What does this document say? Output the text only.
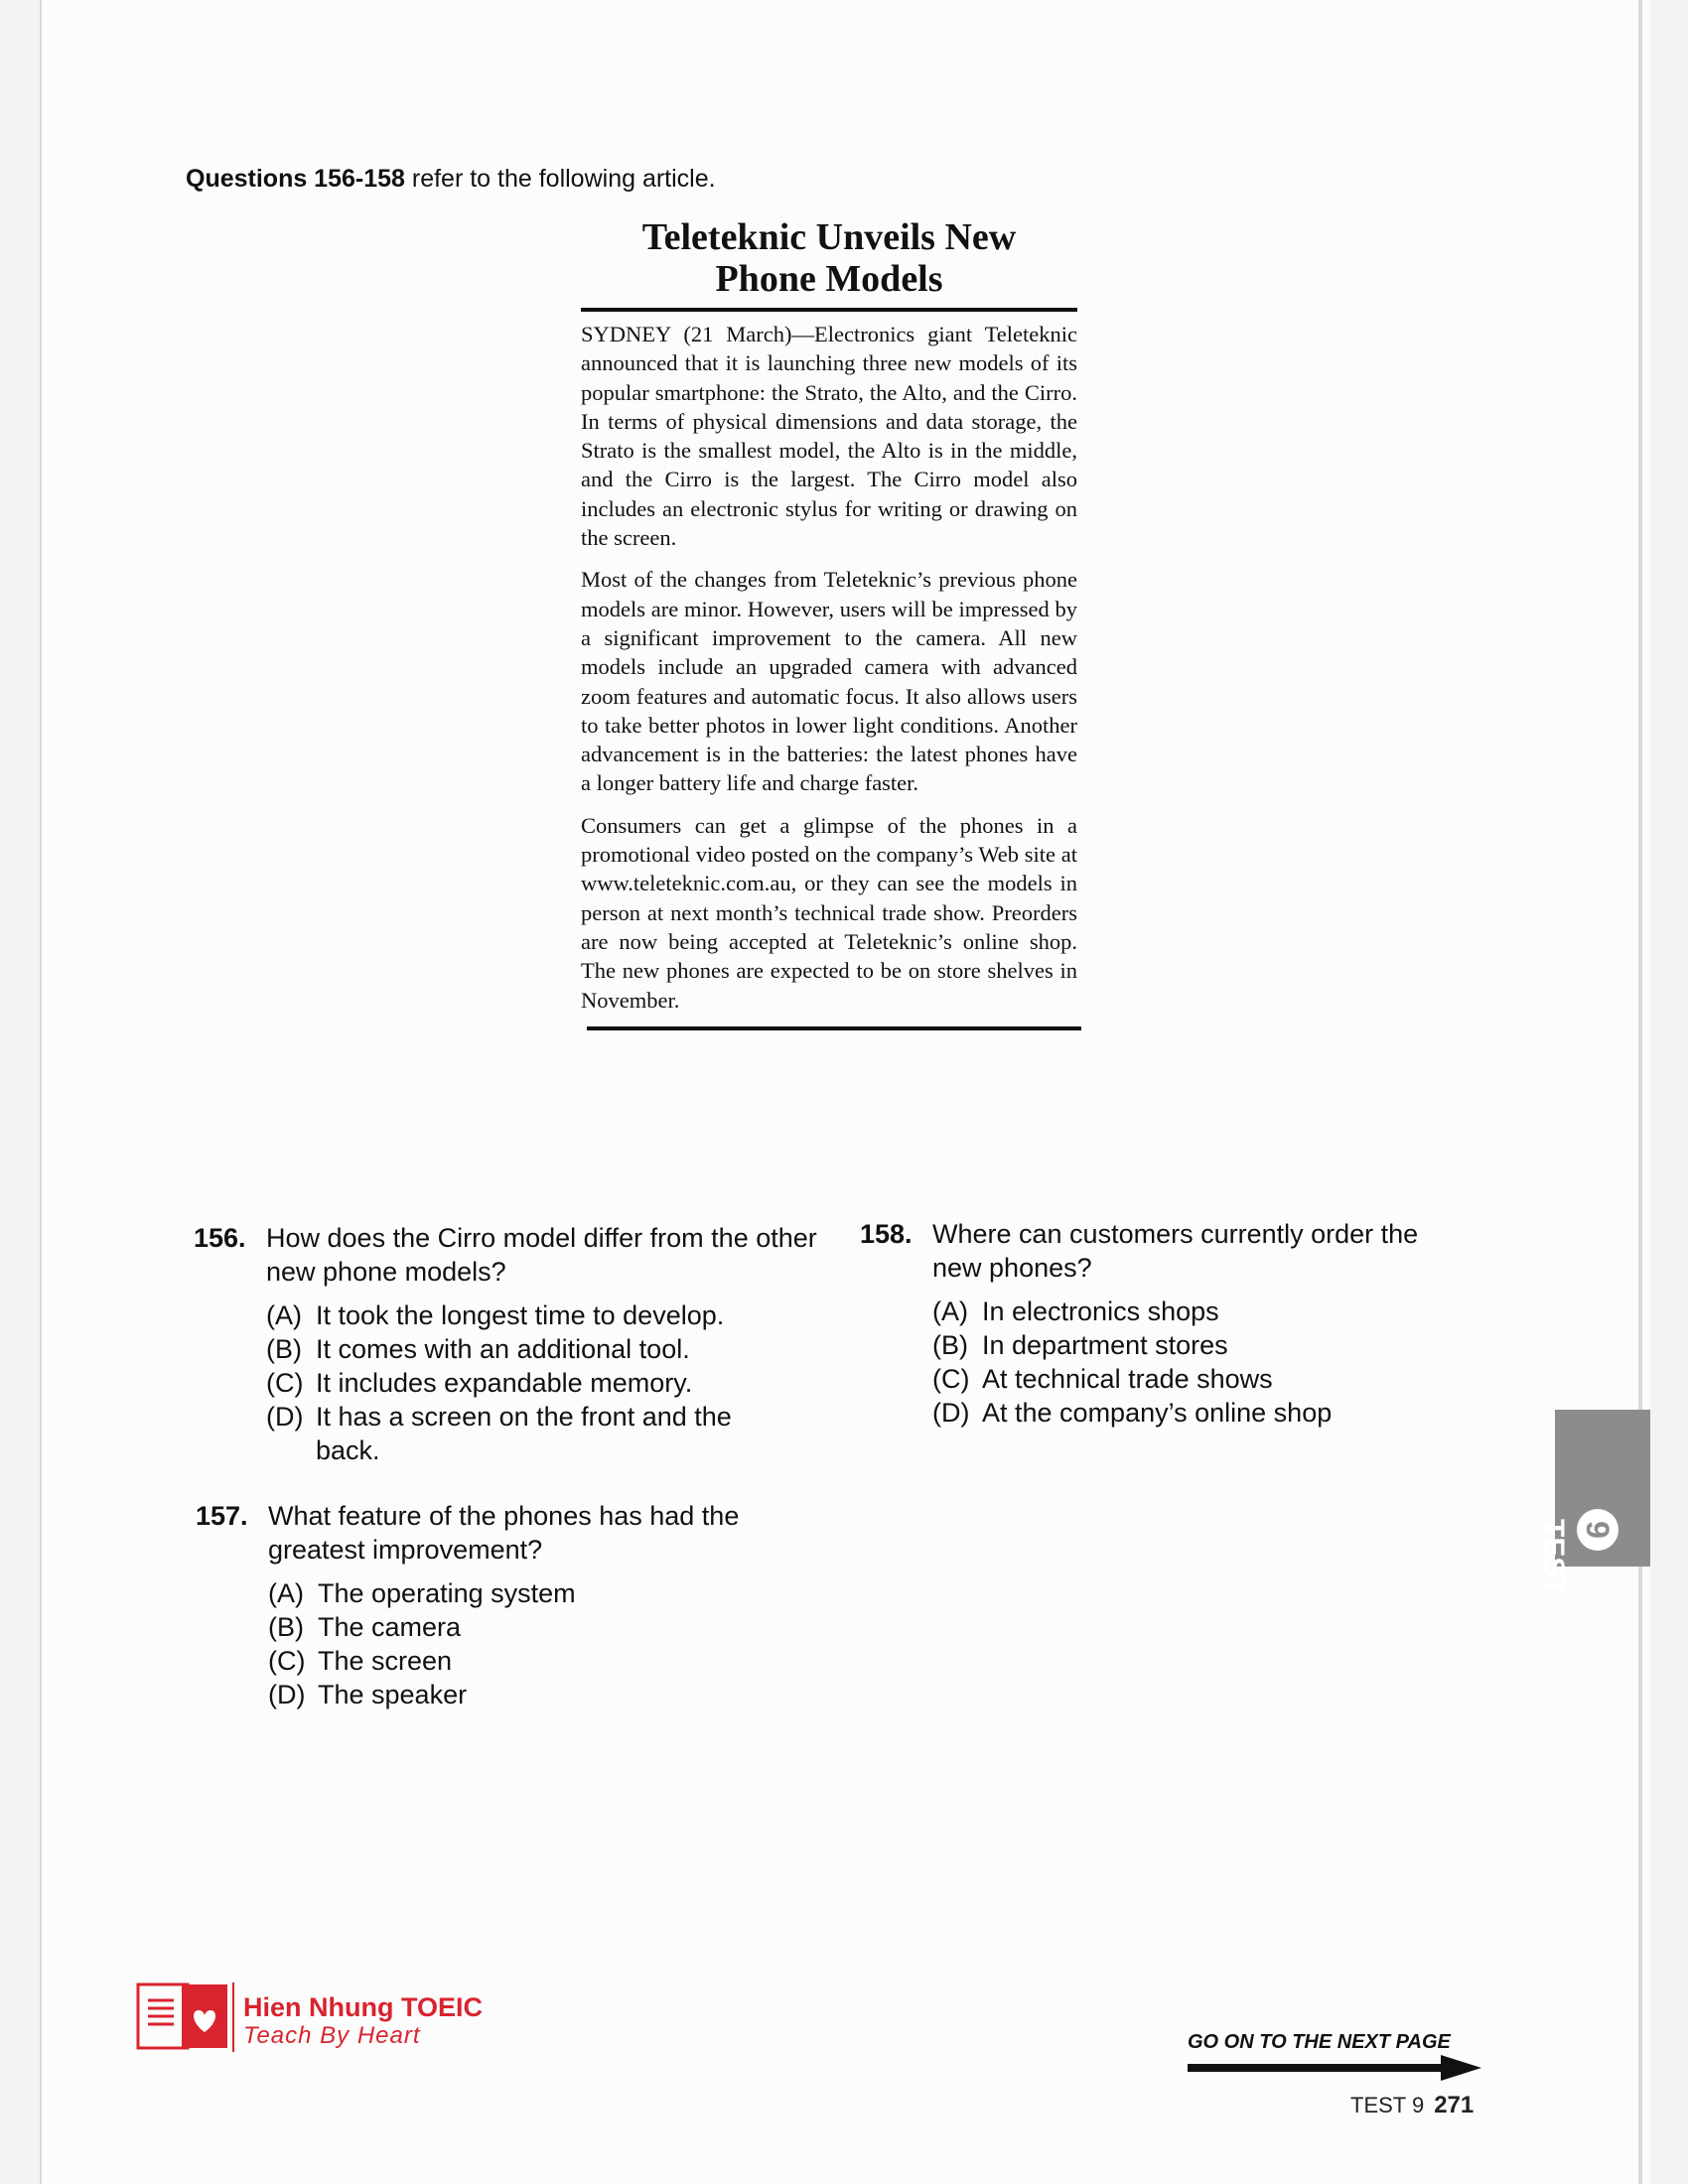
Questions 156-158 refer to the following article.
Teleteknic Unveils New
Phone Models

SYDNEY (21 March)—Electronics giant Teleteknic announced that it is launching three new models of its popular smartphone: the Strato, the Alto, and the Cirro. In terms of physical dimensions and data storage, the Strato is the smallest model, the Alto is in the middle, and the Cirro is the largest. The Cirro model also includes an electronic stylus for writing or drawing on the screen.

Most of the changes from Teleteknic’s previous phone models are minor. However, users will be impressed by a significant improvement to the camera. All new models include an upgraded camera with advanced zoom features and automatic focus. It also allows users to take better photos in lower light conditions. Another advancement is in the batteries: the latest phones have a longer battery life and charge faster.

Consumers can get a glimpse of the phones in a promotional video posted on the company’s Web site at www.teleteknic.com.au, or they can see the models in person at next month’s technical trade show. Preorders are now being accepted at Teleteknic’s online shop. The new phones are expected to be on store shelves in November.

156. How does the Cirro model differ from the other new phone models?
(A) It took the longest time to develop.
(B) It comes with an additional tool.
(C) It includes expandable memory.
(D) It has a screen on the front and the back.
157. What feature of the phones has had the greatest improvement?
(A) The operating system
(B) The camera
(C) The screen
(D) The speaker
158. Where can customers currently order the new phones?
(A) In electronics shops
(B) In department stores
(C) At technical trade shows
(D) At the company’s online shop
TEST 9
Hien Nhung TOEIC
Teach By Heart	GO ON TO THE NEXT PAGE
TEST 9 271
